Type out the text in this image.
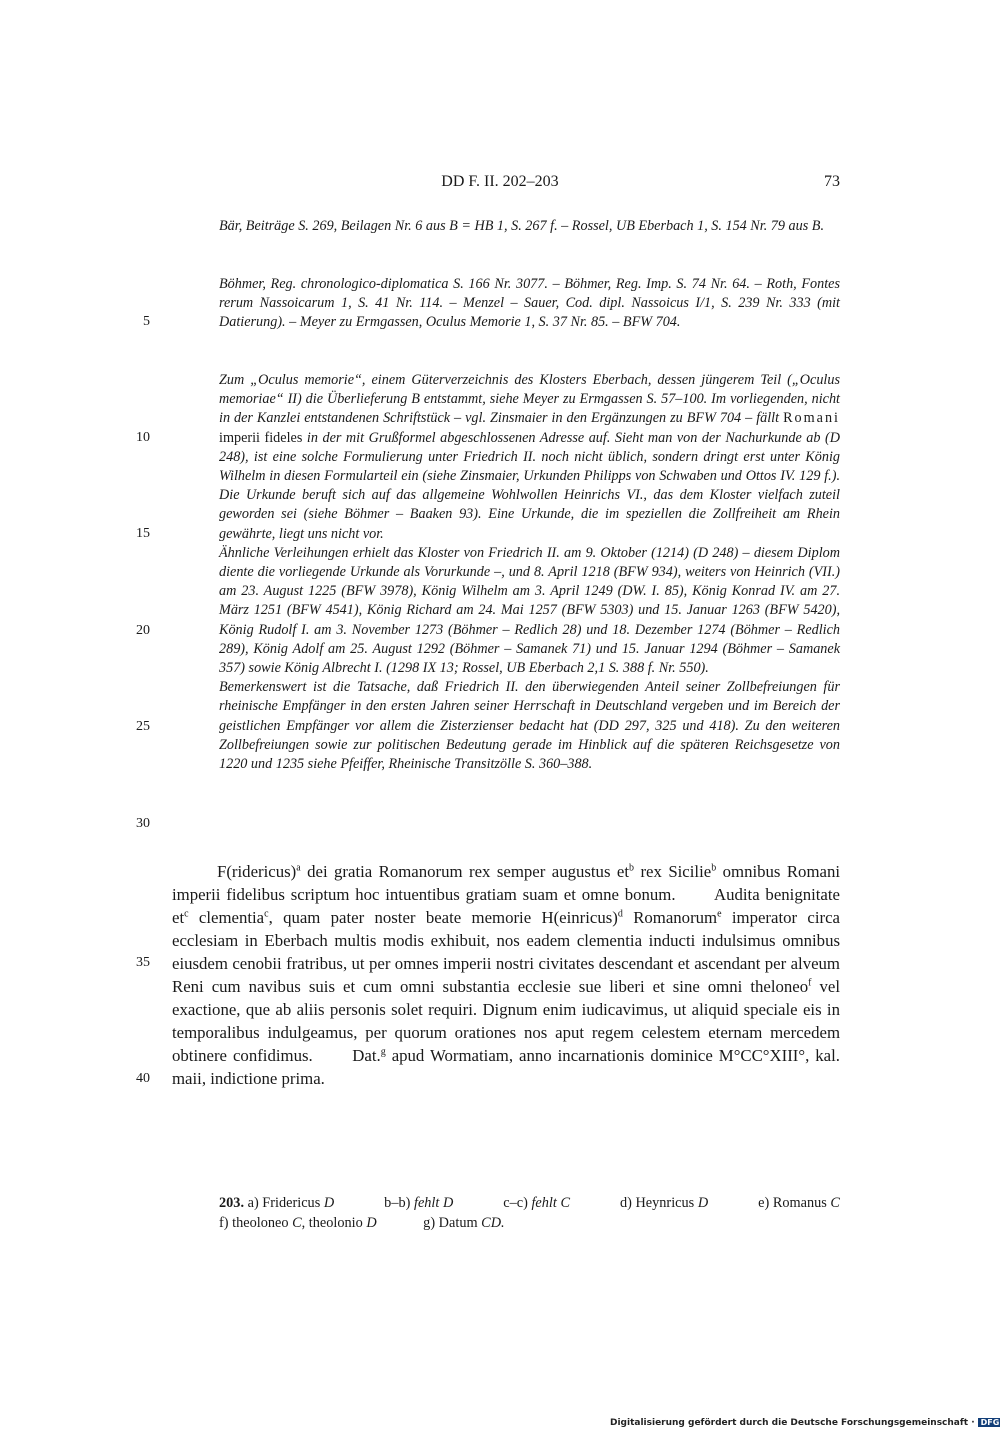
DD F. II. 202–203	73
5
10
15
20
25
30
35
40
Bär, Beiträge S. 269, Beilagen Nr. 6 aus B = HB 1, S. 267 f. – Rossel, UB Eberbach 1, S. 154 Nr. 79 aus B.
Böhmer, Reg. chronologico-diplomatica S. 166 Nr. 3077. – Böhmer, Reg. Imp. S. 74 Nr. 64. – Roth, Fontes rerum Nassoicarum 1, S. 41 Nr. 114. – Menzel – Sauer, Cod. dipl. Nassoicus I/1, S. 239 Nr. 333 (mit Datierung). – Meyer zu Ermgassen, Oculus Memorie 1, S. 37 Nr. 85. – BFW 704.
Zum „Oculus memorie“, einem Güterverzeichnis des Klosters Eberbach, dessen jüngerem Teil („Oculus memoriae“ II) die Überlieferung B entstammt, siehe Meyer zu Ermgassen S. 57–100. Im vorliegenden, nicht in der Kanzlei entstandenen Schriftstück – vgl. Zinsmaier in den Ergänzungen zu BFW 704 – fällt Romani imperii fideles in der mit Grußformel abgeschlossenen Adresse auf. Sieht man von der Nachurkunde ab (D 248), ist eine solche Formulierung unter Friedrich II. noch nicht üblich, sondern dringt erst unter König Wilhelm in diesen Formularteil ein (siehe Zinsmaier, Urkunden Philipps von Schwaben und Ottos IV. 129 f.). Die Urkunde beruft sich auf das allgemeine Wohlwollen Heinrichs VI., das dem Kloster vielfach zuteil geworden sei (siehe Böhmer – Baaken 93). Eine Urkunde, die im speziellen die Zollfreiheit am Rhein gewährte, liegt uns nicht vor.
Ähnliche Verleihungen erhielt das Kloster von Friedrich II. am 9. Oktober (1214) (D 248) – diesem Diplom diente die vorliegende Urkunde als Vorurkunde –, und 8. April 1218 (BFW 934), weiters von Heinrich (VII.) am 23. August 1225 (BFW 3978), König Wilhelm am 3. April 1249 (DW. I. 85), König Konrad IV. am 27. März 1251 (BFW 4541), König Richard am 24. Mai 1257 (BFW 5303) und 15. Januar 1263 (BFW 5420), König Rudolf I. am 3. November 1273 (Böhmer – Redlich 28) und 18. Dezember 1274 (Böhmer – Redlich 289), König Adolf am 25. August 1292 (Böhmer – Samanek 71) und 15. Januar 1294 (Böhmer – Samanek 357) sowie König Albrecht I. (1298 IX 13; Rossel, UB Eberbach 2,1 S. 388 f. Nr. 550).
Bemerkenswert ist die Tatsache, daß Friedrich II. den überwiegenden Anteil seiner Zollbefreiungen für rheinische Empfänger in den ersten Jahren seiner Herrschaft in Deutschland vergeben und im Bereich der geistlichen Empfänger vor allem die Zisterzienser bedacht hat (DD 297, 325 und 418). Zu den weiteren Zollbefreiungen sowie zur politischen Bedeutung gerade im Hinblick auf die späteren Reichsgesetze von 1220 und 1235 siehe Pfeiffer, Rheinische Transitzölle S. 360–388.
F(ridericus)$^a$ dei gratia Romanorum rex semper augustus $et^b$ rex Sicilie$^b$ omnibus Romani imperii fidelibus scriptum hoc intuentibus gratiam suam et omne bonum.   Audita benignitate $et^c$ clementia$^c$, quam pater noster beate memorie H(einricus)$^d$ Romanorum$^e$ imperator circa ecclesiam in Eberbach multis modis exhibuit, nos eadem clementia inducti indulsimus omnibus eiusdem cenobii fratribus, ut per omnes imperii nostri civitates descendant et ascendant per alveum Reni cum navibus suis et cum omni substantia ecclesie sue liberi et sine omni theloneo$^f$ vel exactione, que ab aliis personis solet requiri. Dignum enim iudicavimus, ut aliquid speciale eis in temporalibus indulgeamus, per quorum orationes nos aput regem celestem eternam mercedem obtinere confidimus.   Dat.$^g$ apud Wormatiam, anno incarnationis dominice M°CC°XIII°, kal. maii, indictione prima.
203. a) Fridericus D	b–b) fehlt D	c–c) fehlt C	d) Heynricus D	e) Romanus C
f) theoloneo C, theolonio D   	g) Datum CD.
Digitalisierung gefördert durch die Deutsche Forschungsgemeinschaft · DFG
